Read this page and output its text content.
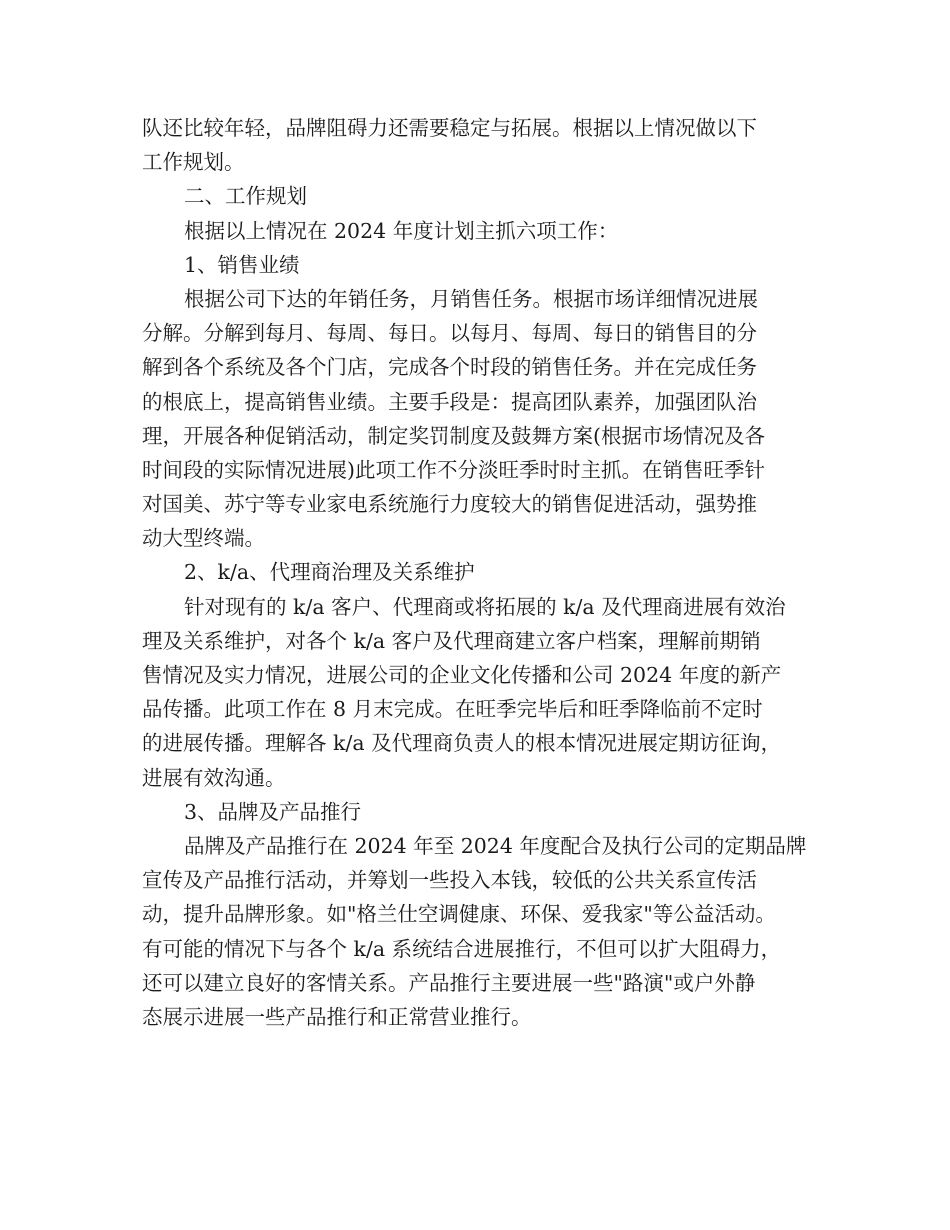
队还比较年轻，品牌阻碍力还需要稳定与拓展。根据以上情况做以下
工作规划。
二、工作规划
根据以上情况在 2024 年度计划主抓六项工作：
1、销售业绩
根据公司下达的年销任务，月销售任务。根据市场详细情况进展
分解。分解到每月、每周、每日。以每月、每周、每日的销售目的分
解到各个系统及各个门店，完成各个时段的销售任务。并在完成任务
的根底上，提高销售业绩。主要手段是：提高团队素养，加强团队治
理，开展各种促销活动，制定奖罚制度及鼓舞方案(根据市场情况及各
时间段的实际情况进展)此项工作不分淡旺季时时主抓。在销售旺季针
对国美、苏宁等专业家电系统施行力度较大的销售促进活动，强势推
动大型终端。
2、k/a、代理商治理及关系维护
针对现有的 k/a 客户、代理商或将拓展的 k/a 及代理商进展有效治
理及关系维护，对各个 k/a 客户及代理商建立客户档案，理解前期销
售情况及实力情况，进展公司的企业文化传播和公司 2024 年度的新产
品传播。此项工作在 8 月末完成。在旺季完毕后和旺季降临前不定时
的进展传播。理解各 k/a 及代理商负责人的根本情况进展定期访征询，
进展有效沟通。
3、品牌及产品推行
品牌及产品推行在 2024 年至 2024 年度配合及执行公司的定期品牌
宣传及产品推行活动，并筹划一些投入本钱，较低的公共关系宣传活
动，提升品牌形象。如"格兰仕空调健康、环保、爱我家"等公益活动。
有可能的情况下与各个 k/a 系统结合进展推行，不但可以扩大阻碍力，
还可以建立良好的客情关系。产品推行主要进展一些"路演"或户外静
态展示进展一些产品推行和正常营业推行。
